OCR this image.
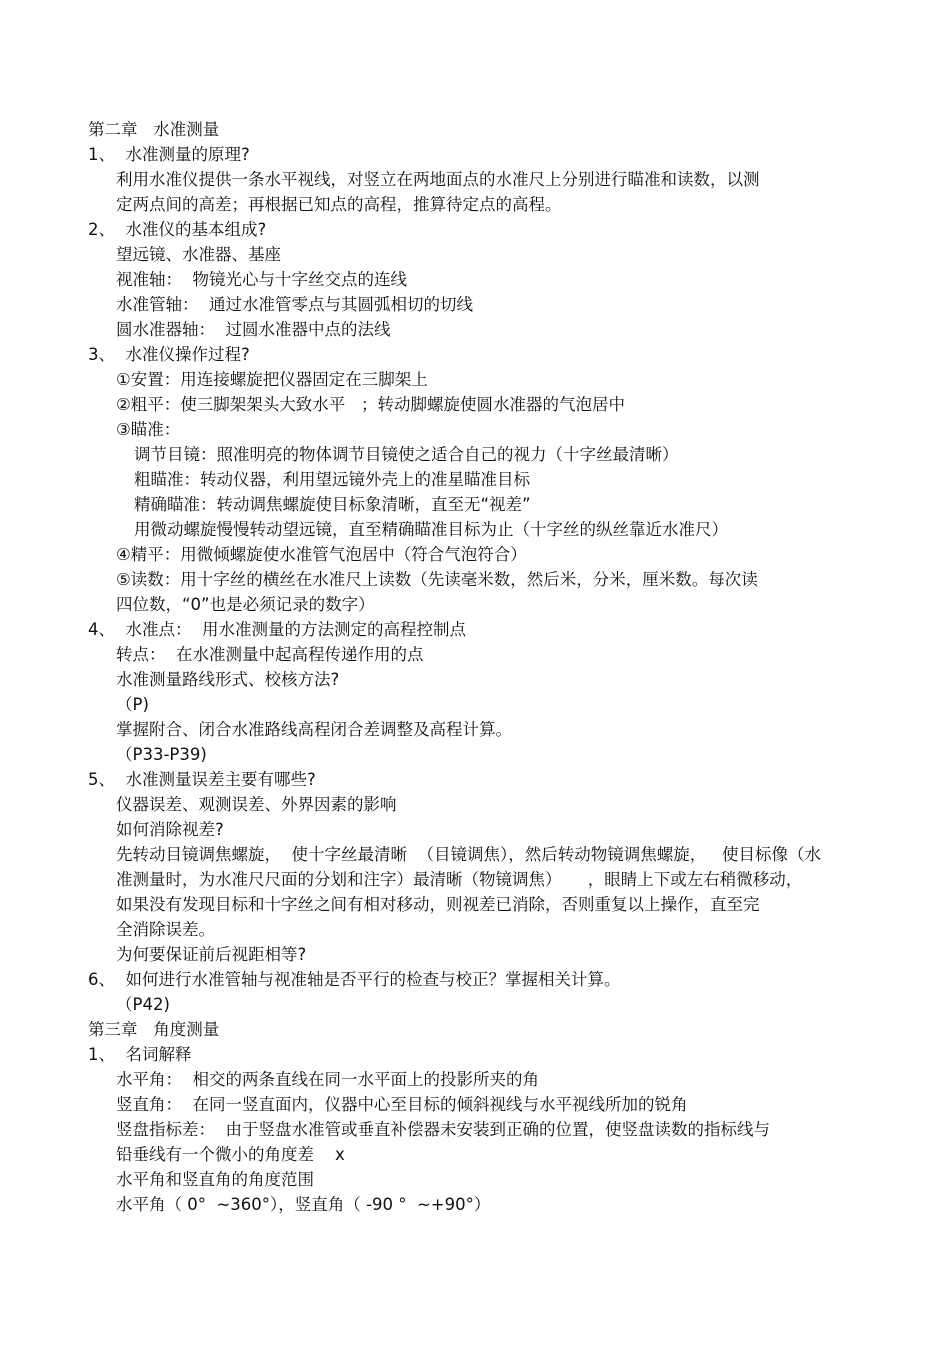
第二章   水准测量
1、  水准测量的原理?
利用水准仪提供一条水平视线，对竖立在两地面点的水准尺上分别进行瞄准和读数，以测
定两点间的高差；再根据已知点的高程，推算待定点的高程。
2、  水准仪的基本组成?
望远镜、水准器、基座
视准轴：  物镜光心与十字丝交点的连线
水准管轴：  通过水准管零点与其圆弧相切的切线
圆水准器轴：  过圆水准器中点的法线
3、  水准仪操作过程?
①安置：用连接螺旋把仪器固定在三脚架上
②粗平：使三脚架架头大致水平   ；转动脚螺旋使圆水准器的气泡居中
③瞄准：
调节目镜：照准明亮的物体调节目镜使之适合自己的视力（十字丝最清晰）
粗瞄准：转动仪器，利用望远镜外壳上的准星瞄准目标
精确瞄准：转动调焦螺旋使目标象清晰，直至无“视差”
用微动螺旋慢慢转动望远镜，直至精确瞄准目标为止（十字丝的纵丝靠近水准尺）
④精平：用微倾螺旋使水准管气泡居中（符合气泡符合）
⑤读数：用十字丝的横丝在水准尺上读数（先读毫米数，然后米，分米，厘米数。每次读
四位数，“0”也是必须记录的数字）
4、  水准点：  用水准测量的方法测定的高程控制点
转点：  在水准测量中起高程传递作用的点
水准测量路线形式、校核方法?
（P)
掌握附合、闭合水准路线高程闭合差调整及高程计算。
（P33-P39)
5、  水准测量误差主要有哪些?
仪器误差、观测误差、外界因素的影响
如何消除视差?
先转动目镜调焦螺旋，  使十字丝最清晰  （目镜调焦），然后转动物镜调焦螺旋，   使目标像（水
准测量时，为水准尺尺面的分划和注字）最清晰（物镜调焦）     ，眼睛上下或左右稍微移动，
如果没有发现目标和十字丝之间有相对移动，则视差已消除，否则重复以上操作，直至完
全消除误差。
为何要保证前后视距相等?
6、  如何进行水准管轴与视准轴是否平行的检查与校正？掌握相关计算。
（P42)
第三章   角度测量
1、  名词解释
水平角：  相交的两条直线在同一水平面上的投影所夹的角
竖直角：  在同一竖直面内，仪器中心至目标的倾斜视线与水平视线所加的锐角
竖盘指标差：  由于竖盘水准管或垂直补偿器未安装到正确的位置，使竖盘读数的指标线与
铅垂线有一个微小的角度差    x
水平角和竖直角的角度范围
水平角（ 0°  ~360°），竖直角（ -90 °  ~+90°）
